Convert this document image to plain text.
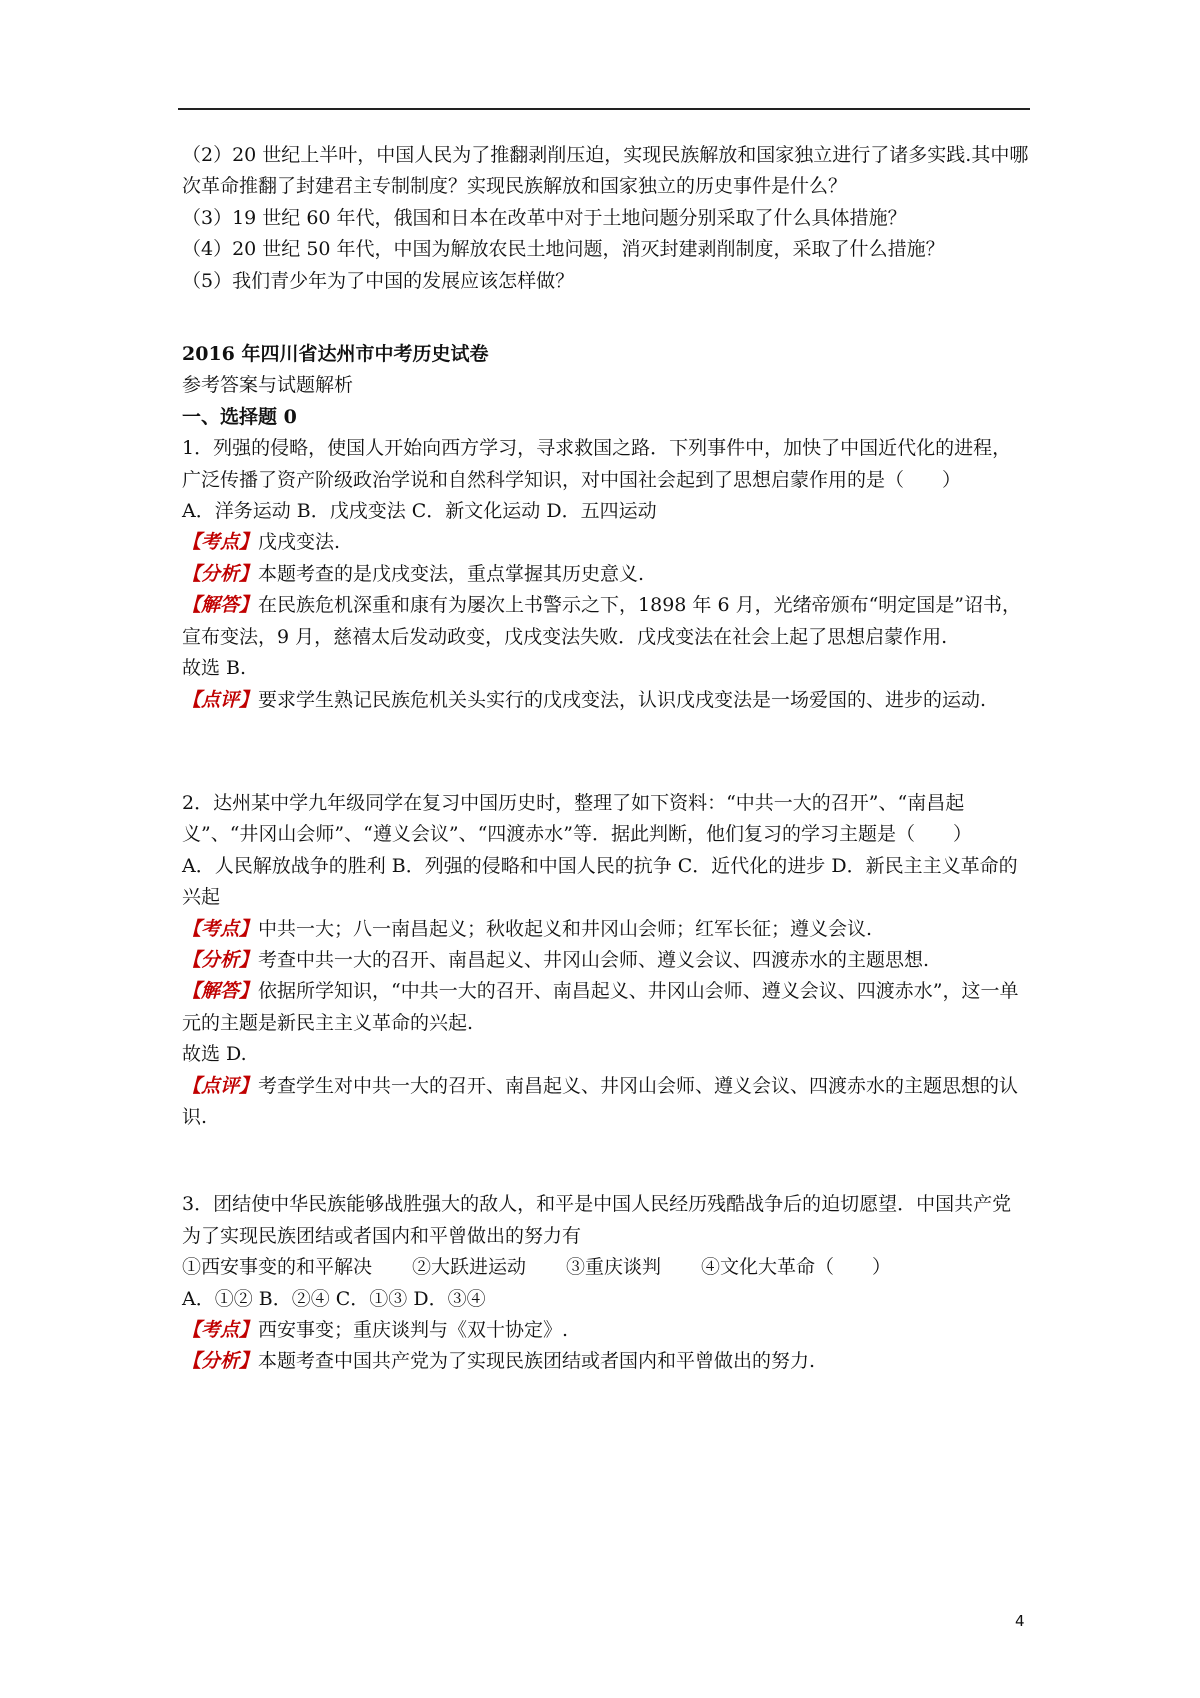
（2）20 世纪上半叶，中国人民为了推翻剥削压迫，实现民族解放和国家独立进行了诸多实践.其中哪次革命推翻了封建君主专制制度？实现民族解放和国家独立的历史事件是什么？

（3）19 世纪 60 年代，俄国和日本在改革中对于土地问题分别采取了什么具体措施？

（4）20 世纪 50 年代，中国为解放农民土地问题，消灭封建剥削制度，采取了什么措施？

（5）我们青少年为了中国的发展应该怎样做？

2016 年四川省达州市中考历史试卷

参考答案与试题解析

一、选择题 0

1．列强的侵略，使国人开始向西方学习，寻求救国之路．下列事件中，加快了中国近代化的进程，广泛传播了资产阶级政治学说和自然科学知识，对中国社会起到了思想启蒙作用的是（　　）

A．洋务运动 B．戊戌变法 C．新文化运动 D．五四运动

【考点】戊戌变法.

【分析】本题考查的是戊戌变法，重点掌握其历史意义.

【解答】在民族危机深重和康有为屡次上书警示之下，1898 年 6 月，光绪帝颁布“明定国是”诏书，宣布变法，9 月，慈禧太后发动政变，戊戌变法失败．戊戌变法在社会上起了思想启蒙作用.

故选 B.

【点评】要求学生熟记民族危机关头实行的戊戌变法，认识戊戌变法是一场爱国的、进步的运动.

2．达州某中学九年级同学在复习中国历史时，整理了如下资料：“中共一大的召开”、“南昌起义”、“井冈山会师”、“遵义会议”、“四渡赤水”等．据此判断，他们复习的学习主题是（　　）

A．人民解放战争的胜利 B．列强的侵略和中国人民的抗争 C．近代化的进步 D．新民主主义革命的兴起

【考点】中共一大；八一南昌起义；秋收起义和井冈山会师；红军长征；遵义会议.

【分析】考查中共一大的召开、南昌起义、井冈山会师、遵义会议、四渡赤水的主题思想.

【解答】依据所学知识，“中共一大的召开、南昌起义、井冈山会师、遵义会议、四渡赤水”，这一单元的主题是新民主主义革命的兴起.

故选 D.

【点评】考查学生对中共一大的召开、南昌起义、井冈山会师、遵义会议、四渡赤水的主题思想的认识.

3．团结使中华民族能够战胜强大的敌人，和平是中国人民经历残酷战争后的迫切愿望．中国共产党为了实现民族团结或者国内和平曾做出的努力有

①西安事变的和平解决 ②大跃进运动 ③重庆谈判 ④文化大革命（　　）

A．①② B．②④ C．①③ D．③④

【考点】西安事变；重庆谈判与《双十协定》.

【分析】本题考查中国共产党为了实现民族团结或者国内和平曾做出的努力.

4
